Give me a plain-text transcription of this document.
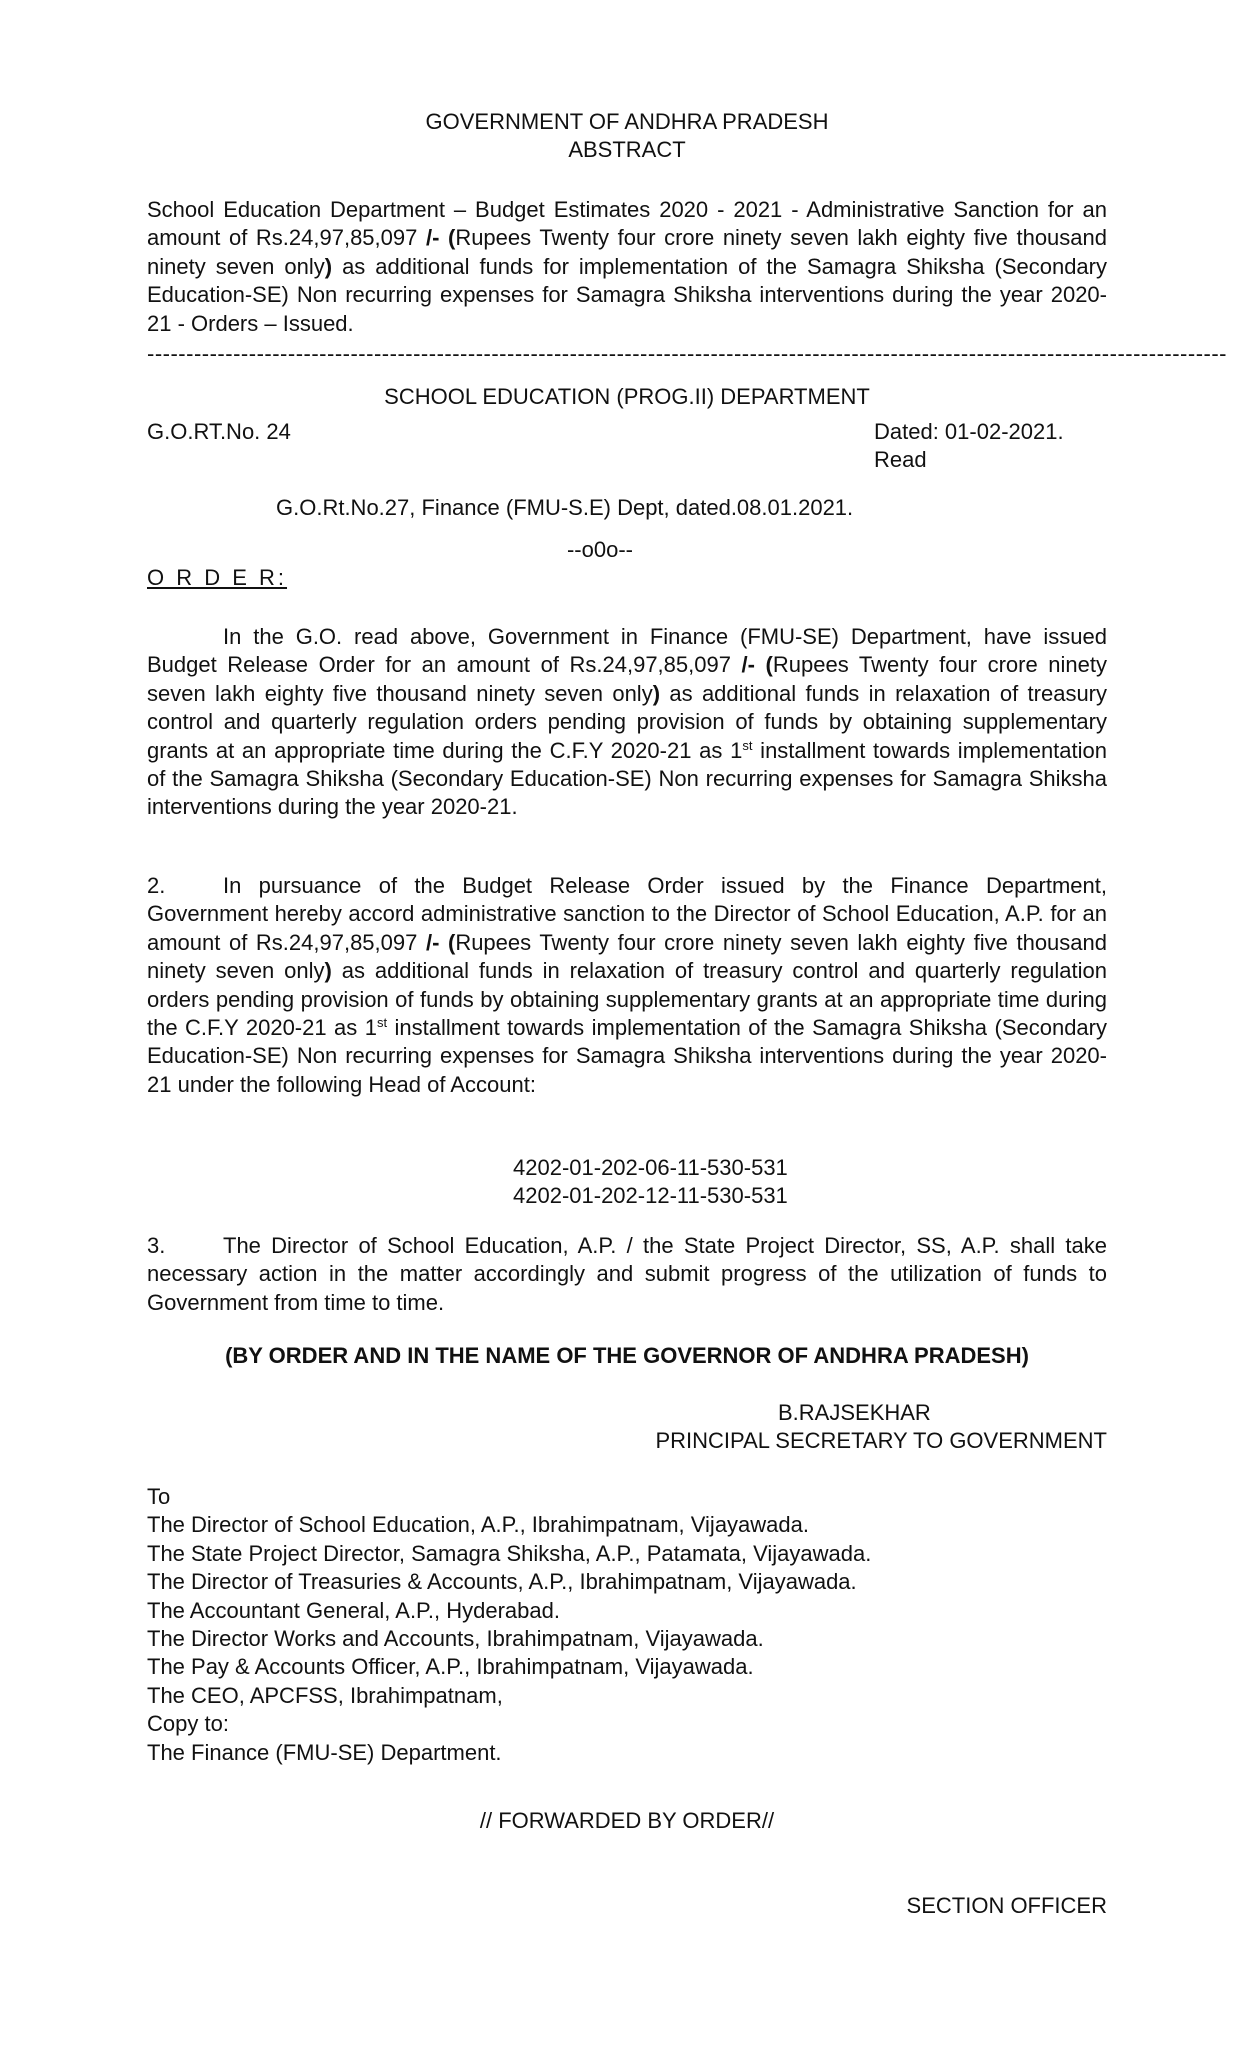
GOVERNMENT OF ANDHRA PRADESH
ABSTRACT
School Education Department – Budget Estimates 2020 - 2021 - Administrative Sanction for an amount of Rs.24,97,85,097 /- (Rupees Twenty four crore ninety seven lakh eighty five thousand ninety seven only) as additional funds for implementation of the Samagra Shiksha (Secondary Education-SE) Non recurring expenses for Samagra Shiksha interventions during the year 2020-21 - Orders – Issued.
------------------------------------------------------------------------------------------------------------------------------------------
SCHOOL EDUCATION (PROG.II) DEPARTMENT
G.O.RT.No. 24	Dated: 01-02-2021.
Read
G.O.Rt.No.27, Finance (FMU-S.E) Dept, dated.08.01.2021.
--o0o--
O R D E R:
In the G.O. read above, Government in Finance (FMU-SE) Department, have issued Budget Release Order for an amount of Rs.24,97,85,097 /- (Rupees Twenty four crore ninety seven lakh eighty five thousand ninety seven only) as additional funds in relaxation of treasury control and quarterly regulation orders pending provision of funds by obtaining supplementary grants at an appropriate time during the C.F.Y 2020-21 as 1st installment towards implementation of the Samagra Shiksha (Secondary Education-SE) Non recurring expenses for Samagra Shiksha interventions during the year 2020-21.
2.	In pursuance of the Budget Release Order issued by the Finance Department, Government hereby accord administrative sanction to the Director of School Education, A.P. for an amount of Rs.24,97,85,097 /- (Rupees Twenty four crore ninety seven lakh eighty five thousand ninety seven only) as additional funds in relaxation of treasury control and quarterly regulation orders pending provision of funds by obtaining supplementary grants at an appropriate time during the C.F.Y 2020-21 as 1st installment towards implementation of the Samagra Shiksha (Secondary Education-SE) Non recurring expenses for Samagra Shiksha interventions during the year 2020-21 under the following Head of Account:
4202-01-202-06-11-530-531
4202-01-202-12-11-530-531
3.	The Director of School Education, A.P. / the State Project Director, SS, A.P. shall take necessary action in the matter accordingly and submit progress of the utilization of funds to Government from time to time.
(BY ORDER AND IN THE NAME OF THE GOVERNOR OF ANDHRA PRADESH)
B.RAJSEKHAR
PRINCIPAL SECRETARY TO GOVERNMENT
To
The Director of School Education, A.P., Ibrahimpatnam, Vijayawada.
The State Project Director, Samagra Shiksha, A.P., Patamata, Vijayawada.
The Director of Treasuries & Accounts, A.P., Ibrahimpatnam, Vijayawada.
The Accountant General, A.P., Hyderabad.
The Director Works and Accounts, Ibrahimpatnam, Vijayawada.
The Pay & Accounts Officer, A.P., Ibrahimpatnam, Vijayawada.
The CEO, APCFSS, Ibrahimpatnam,
Copy to:
The Finance (FMU-SE) Department.
// FORWARDED BY ORDER//
SECTION OFFICER
